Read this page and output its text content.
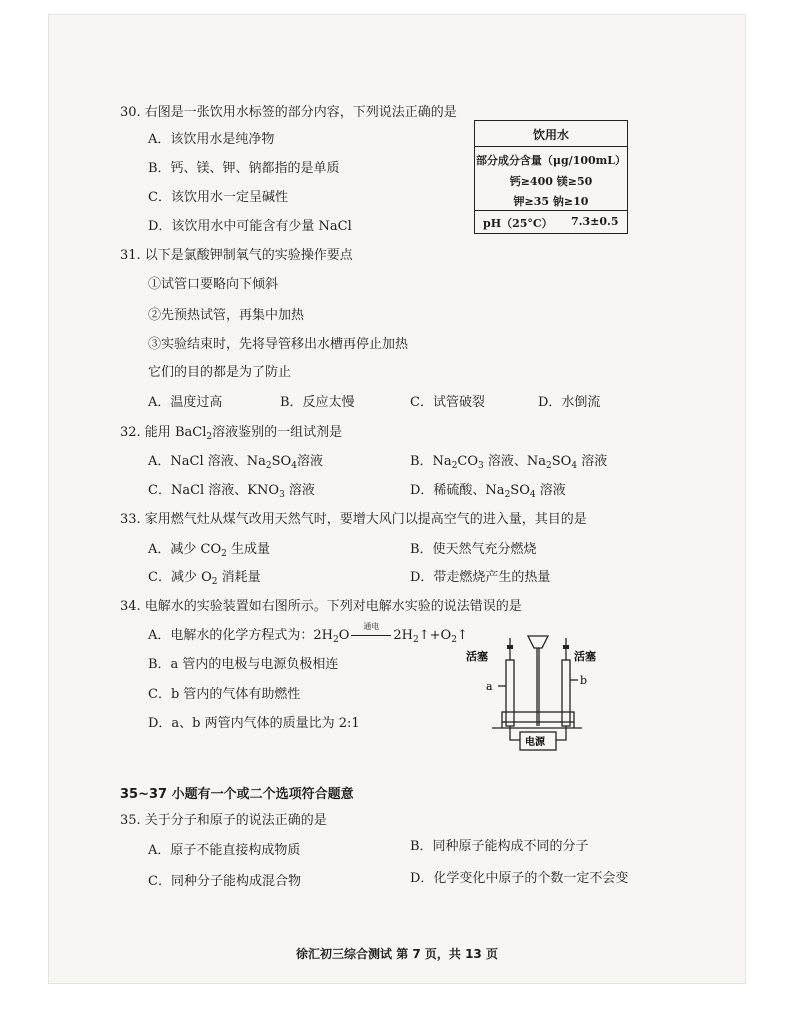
30. 右图是一张饮用水标签的部分内容，下列说法正确的是
A．该饮用水是纯净物
B．钙、镁、钾、钠都指的是单质
C．该饮用水一定呈碱性
D．该饮用水中可能含有少量 NaCl
饮用水
部分成分含量（μg/100mL）
钙≥400 镁≥50
钾≥35 钠≥10
pH（25°C） 7.3±0.5
31. 以下是氯酸钾制氧气的实验操作要点
①试管口要略向下倾斜
②先预热试管，再集中加热
③实验结束时，先将导管移出水槽再停止加热
它们的目的都是为了防止
A．温度过高	B．反应太慢	C．试管破裂	D．水倒流
32. 能用 BaCl$_2$溶液鉴别的一组试剂是
A．NaCl 溶液、$Na_2SO_4$溶液	B．$Na_2CO_3$ 溶液、$Na_2SO_4$ 溶液
C．NaCl 溶液、$KNO_3$ 溶液	D．稀硫酸、$Na_2SO_4$ 溶液
33. 家用燃气灶从煤气改用天然气时，要增大风门以提高空气的进入量，其目的是
A．减少 $CO_2$ 生成量	B．使天然气充分燃烧
C．减少 $O_2$ 消耗量	D．带走燃烧产生的热量
34. 电解水的实验装置如右图所示。下列对电解水实验的说法错误的是
A．电解水的化学方程式为：$2H_2O$
通电
$2H_2↑+O_2↑$
B．a 管内的电极与电源负极相连
C．b 管内的气体有助燃性
D．a、b 两管内气体的质量比为 2:1
活塞	活塞
a	b
电源
35~37 小题有一个或二个选项符合题意
35. 关于分子和原子的说法正确的是
A．原子不能直接构成物质	B．同种原子能构成不同的分子
C．同种分子能构成混合物	D．化学变化中原子的个数一定不会变
徐汇初三综合测试 第 7 页，共 13 页
